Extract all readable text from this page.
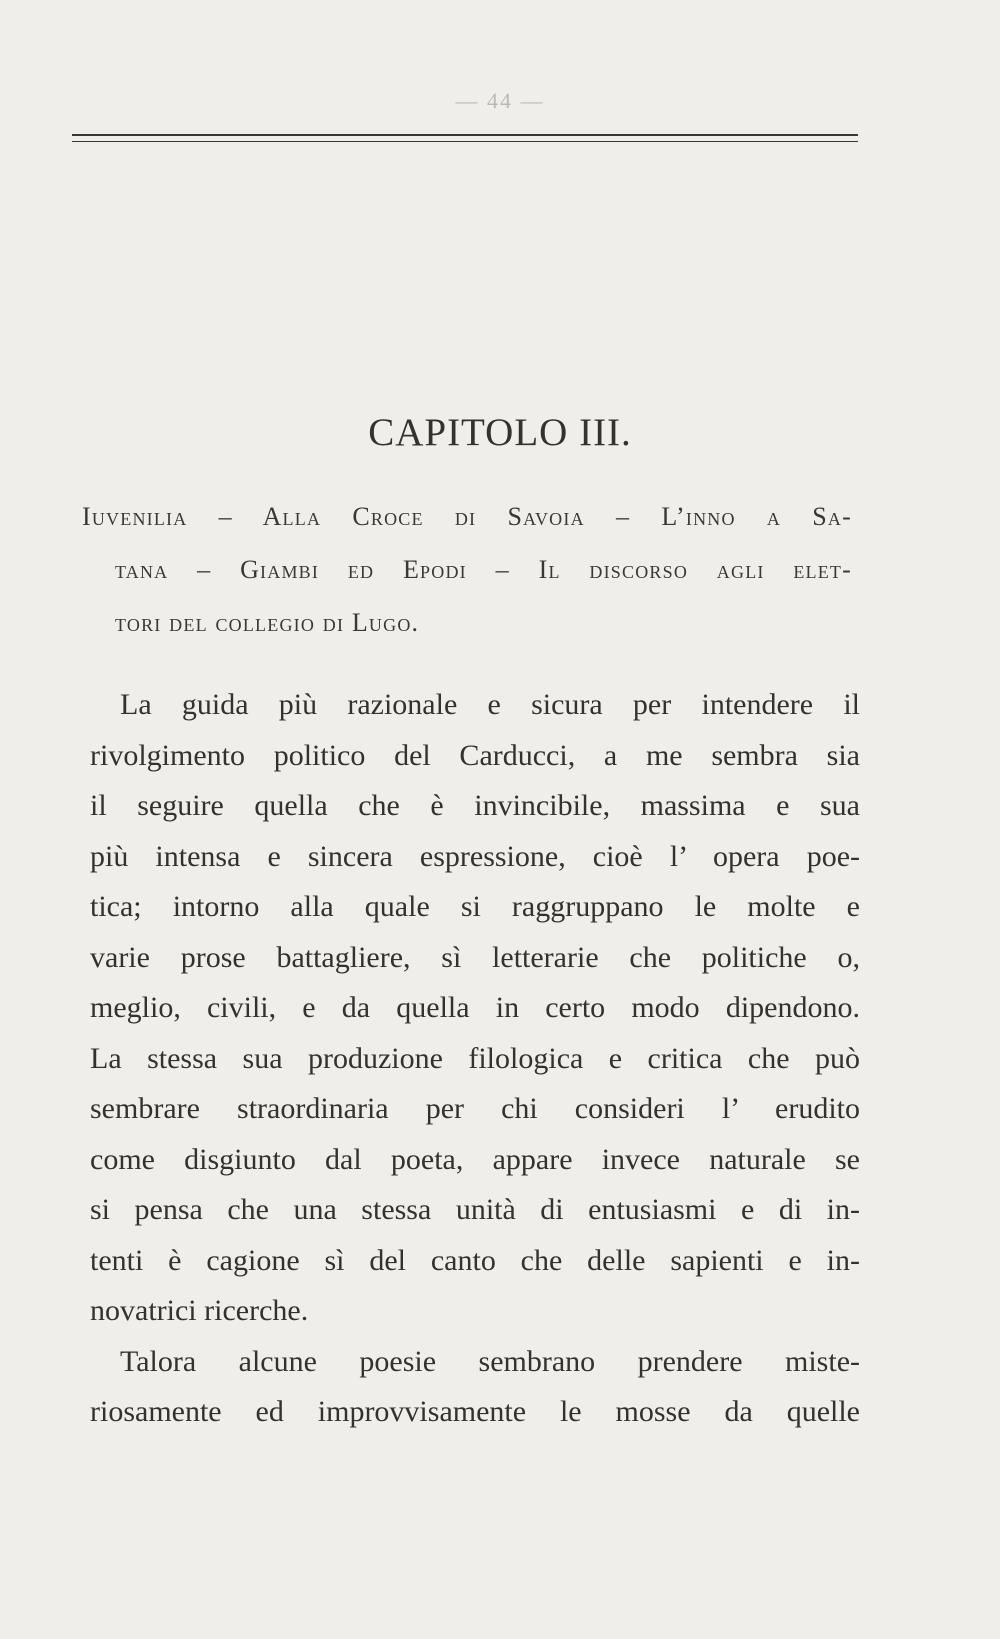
— 44 —
CAPITOLO III.
Iuvenilia – Alla Croce di Savoia – L’inno a Sa-
tana – Giambi ed Epodi – Il discorso agli elet-
tori del collegio di Lugo.
La guida più razionale e sicura per intendere il
rivolgimento politico del Carducci, a me sembra sia
il seguire quella che è invincibile, massima e sua
più intensa e sincera espressione, cioè l’ opera poe-
tica; intorno alla quale si raggruppano le molte e
varie prose battagliere, sì letterarie che politiche o,
meglio, civili, e da quella in certo modo dipendono.
La stessa sua produzione filologica e critica che può
sembrare straordinaria per chi consideri l’ erudito
come disgiunto dal poeta, appare invece naturale se
si pensa che una stessa unità di entusiasmi e di in-
tenti è cagione sì del canto che delle sapienti e in-
novatrici ricerche.
Talora alcune poesie sembrano prendere miste-
riosamente ed improvvisamente le mosse da quelle
